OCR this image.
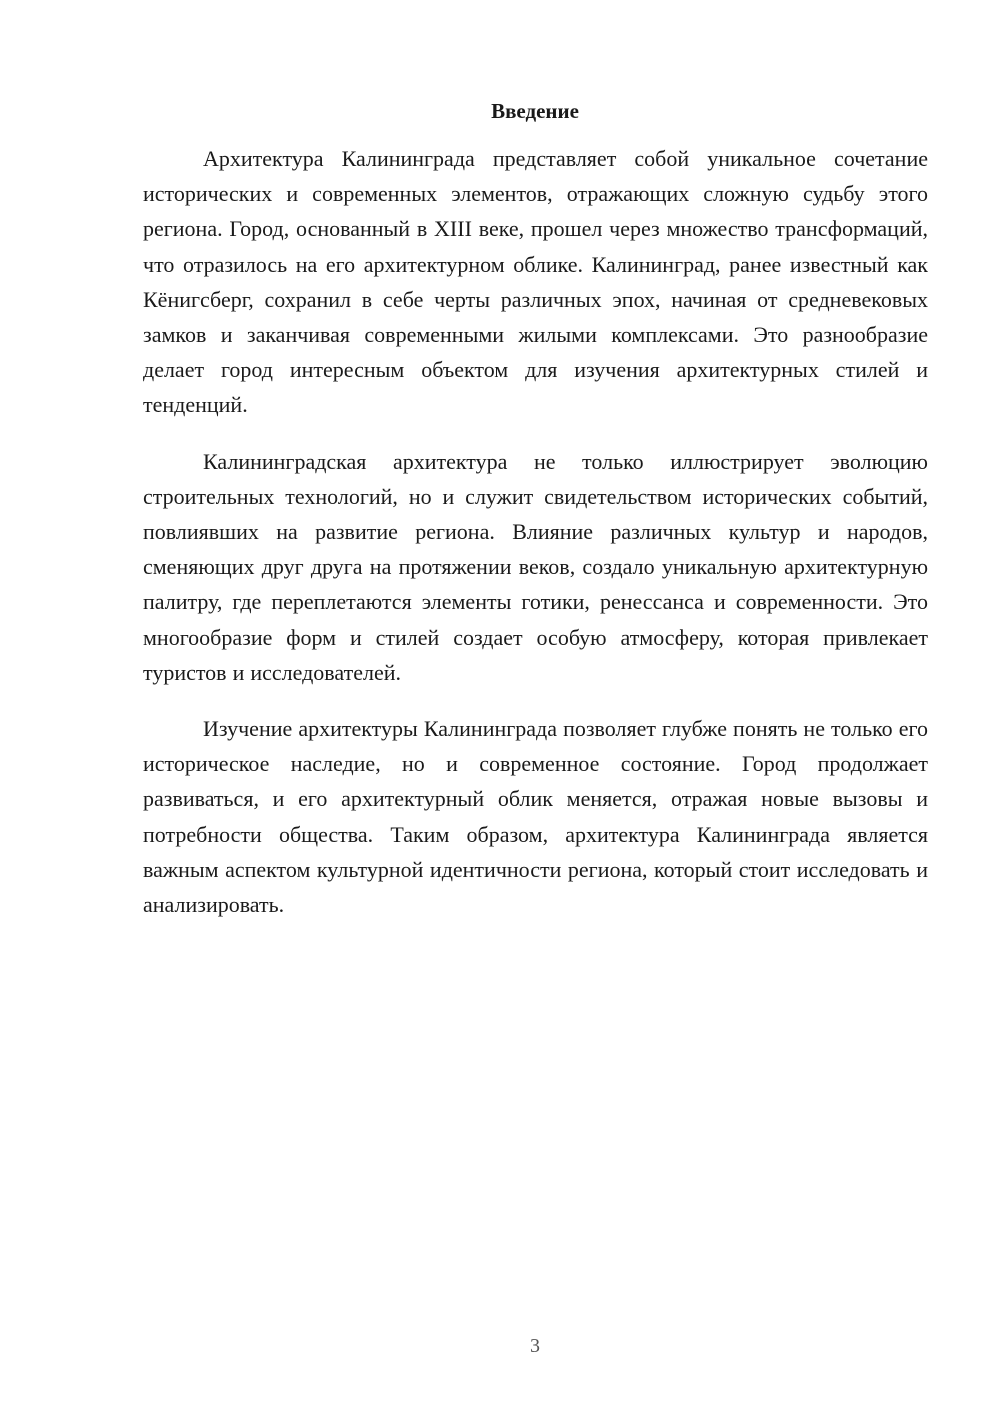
Введение

Архитектура Калининграда представляет собой уникальное сочетание исторических и современных элементов, отражающих сложную судьбу этого региона. Город, основанный в XIII веке, прошел через множество трансформаций, что отразилось на его архитектурном облике. Калининград, ранее известный как Кёнигсберг, сохранил в себе черты различных эпох, начиная от средневековых замков и заканчивая современными жилыми комплексами. Это разнообразие делает город интересным объектом для изучения архитектурных стилей и тенденций.

Калининградская архитектура не только иллюстрирует эволюцию строительных технологий, но и служит свидетельством исторических событий, повлиявших на развитие региона. Влияние различных культур и народов, сменяющих друг друга на протяжении веков, создало уникальную архитектурную палитру, где переплетаются элементы готики, ренессанса и современности. Это многообразие форм и стилей создает особую атмосферу, которая привлекает туристов и исследователей.

Изучение архитектуры Калининграда позволяет глубже понять не только его историческое наследие, но и современное состояние. Город продолжает развиваться, и его архитектурный облик меняется, отражая новые вызовы и потребности общества. Таким образом, архитектура Калининграда является важным аспектом культурной идентичности региона, который стоит исследовать и анализировать.

3
